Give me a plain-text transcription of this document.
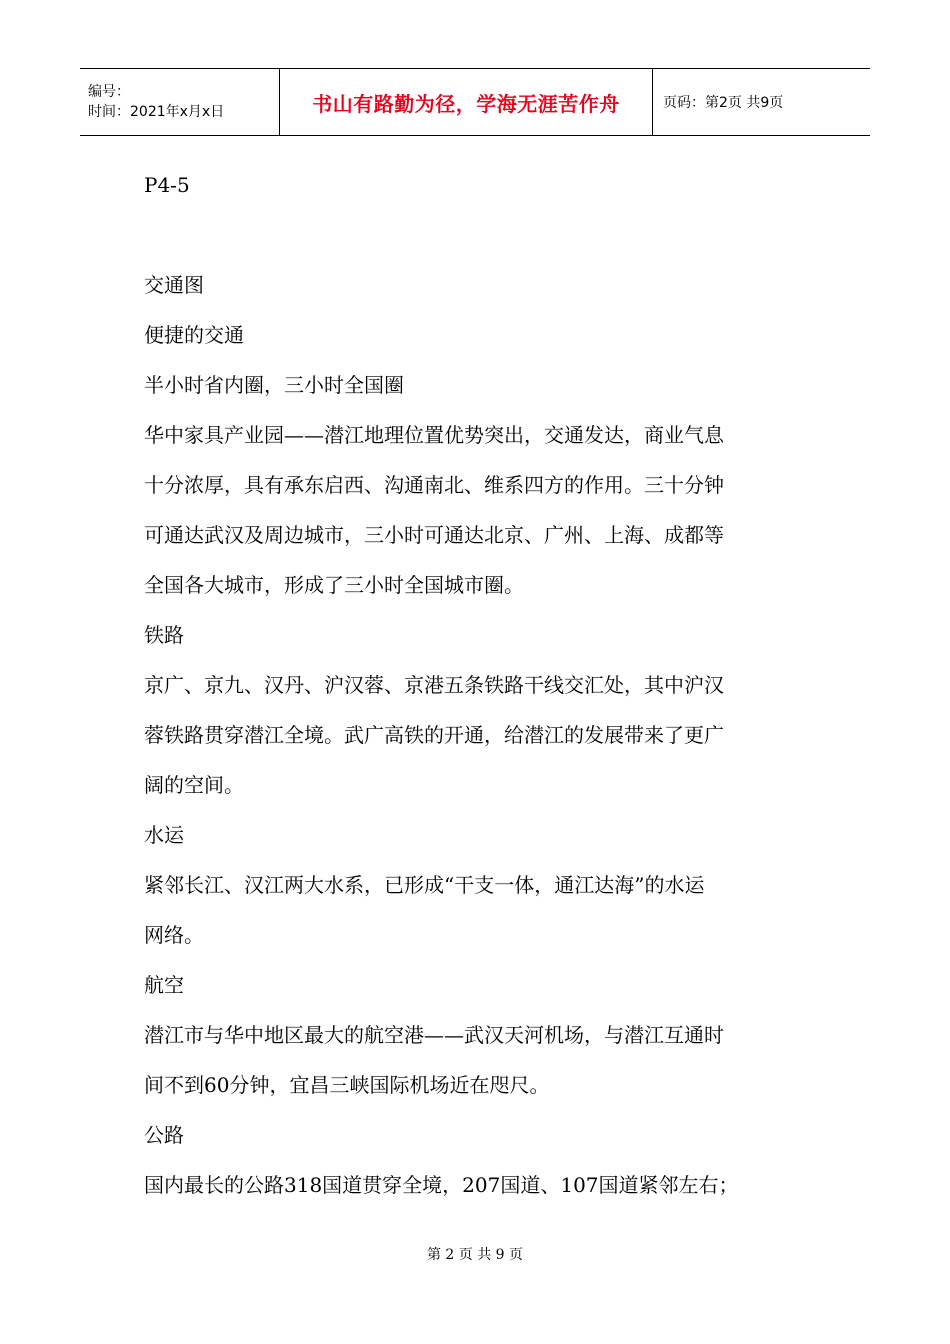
编号：
时间：2021年x月x日	书山有路勤为径，学海无涯苦作舟	页码：第2页 共9页

P4-5

交通图

便捷的交通

半小时省内圈，三小时全国圈

华中家具产业园——潜江地理位置优势突出，交通发达，商业气息

十分浓厚，具有承东启西、沟通南北、维系四方的作用。三十分钟

可通达武汉及周边城市，三小时可通达北京、广州、上海、成都等

全国各大城市，形成了三小时全国城市圈。

铁路

京广、京九、汉丹、沪汉蓉、京港五条铁路干线交汇处，其中沪汉

蓉铁路贯穿潜江全境。武广高铁的开通，给潜江的发展带来了更广

阔的空间。

水运

紧邻长江、汉江两大水系，已形成“干支一体，通江达海”的水运

网络。

航空

潜江市与华中地区最大的航空港——武汉天河机场，与潜江互通时

间不到60分钟，宜昌三峡国际机场近在咫尺。

公路

国内最长的公路318国道贯穿全境，207国道、107国道紧邻左右；

第 2 页 共 9 页
